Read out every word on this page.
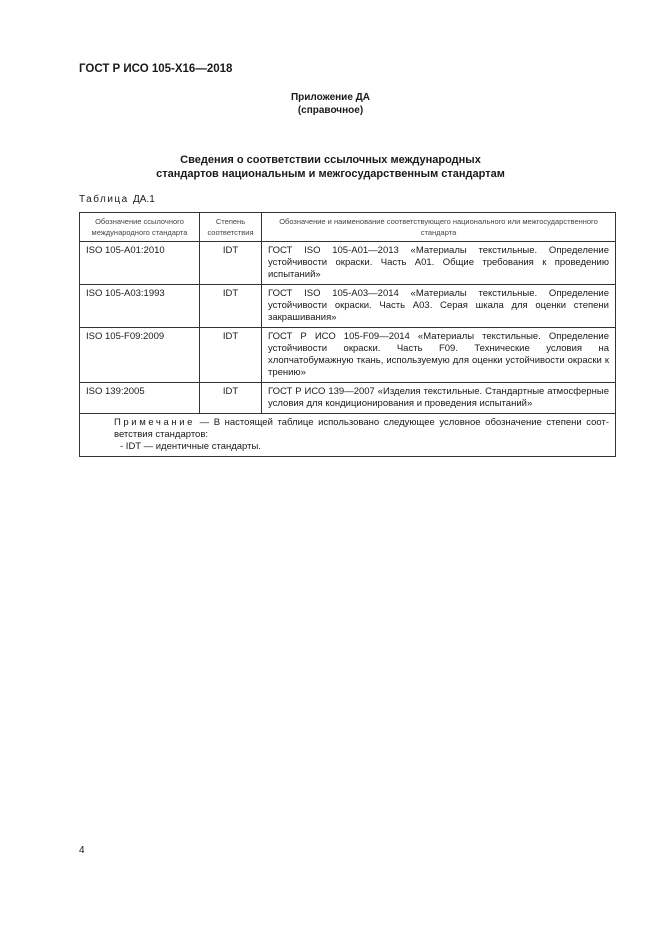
ГОСТ Р ИСО 105-X16—2018
Приложение ДА
(справочное)
Сведения о соответствии ссылочных международных
стандартов национальным и межгосударственным стандартам
Таблица ДА.1
Обозначение ссылочного международного стандарта	Степень соответствия	Обозначение и наименование соответствующего национального или межгосударственного стандарта
ISO 105-A01:2010	IDT	ГОСТ ISO 105-A01—2013 «Материалы текстильные. Определение устойчивости окраски. Часть A01. Общие требования к проведению испытаний»
ISO 105-A03:1993	IDT	ГОСТ ISO 105-A03—2014 «Материалы текстильные. Определение устойчивости окраски. Часть A03. Серая шкала для оценки степени закрашивания»
ISO 105-F09:2009	IDT	ГОСТ Р ИСО 105-F09—2014 «Материалы текстильные. Определение устойчивости окраски. Часть F09. Технические условия на хлопчатобумажную ткань, используемую для оценки устойчивости окраски к трению»
ISO 139:2005	IDT	ГОСТ Р ИСО 139—2007 «Изделия текстильные. Стандартные атмосферные условия для кондиционирования и проведения испытаний»

Примечание — В настоящей таблице использовано следующее условное обозначение степени соответствия стандартов:
- IDT — идентичные стандарты.		
4
